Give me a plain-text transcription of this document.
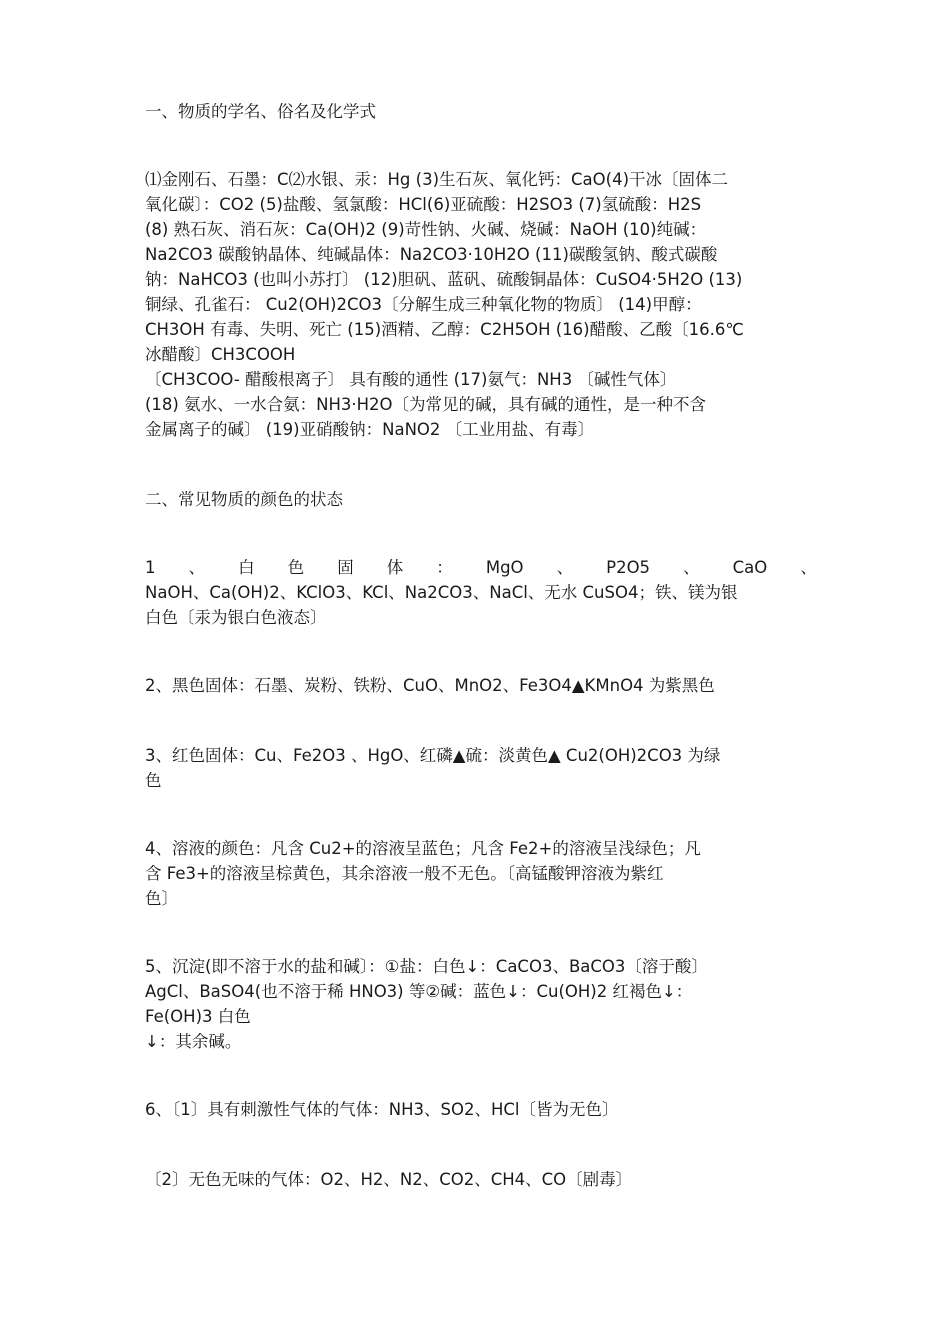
一、物质的学名、俗名及化学式
⑴金刚石、石墨：C⑵水银、汞：Hg (3)生石灰、氧化钙：CaO(4)干冰〔固体二
氧化碳〕：CO2 (5)盐酸、氢氯酸：HCl(6)亚硫酸：H2SO3 (7)氢硫酸：H2S
(8) 熟石灰、消石灰：Ca(OH)2 (9)苛性钠、火碱、烧碱：NaOH (10)纯碱：
Na2CO3 碳酸钠晶体、纯碱晶体：Na2CO3·10H2O (11)碳酸氢钠、酸式碳酸
钠：NaHCO3 (也叫小苏打〕 (12)胆矾、蓝矾、硫酸铜晶体：CuSO4·5H2O (13)
铜绿、孔雀石： Cu2(OH)2CO3〔分解生成三种氧化物的物质〕 (14)甲醇：
CH3OH 有毒、失明、死亡 (15)酒精、乙醇：C2H5OH (16)醋酸、乙酸〔16.6℃
冰醋酸〕CH3COOH
〔CH3COO- 醋酸根离子〕 具有酸的通性 (17)氨气：NH3 〔碱性气体〕
(18) 氨水、一水合氨：NH3·H2O〔为常见的碱，具有碱的通性，是一种不含
金属离子的碱〕 (19)亚硝酸钠：NaNO2 〔工业用盐、有毒〕
二、常见物质的颜色的状态
1 、 白 色 固 体 ： MgO 、 P2O5 、 CaO 、
NaOH、Ca(OH)2、KClO3、KCl、Na2CO3、NaCl、无水 CuSO4；铁、镁为银
白色〔汞为银白色液态〕
2、黑色固体：石墨、炭粉、铁粉、CuO、MnO2、Fe3O4▲KMnO4 为紫黑色
3、红色固体：Cu、Fe2O3 、HgO、红磷▲硫：淡黄色▲ Cu2(OH)2CO3 为绿
色
4、溶液的颜色：凡含 Cu2+的溶液呈蓝色；凡含 Fe2+的溶液呈浅绿色；凡
含 Fe3+的溶液呈棕黄色，其余溶液一般不无色。〔高锰酸钾溶液为紫红
色〕
5、沉淀(即不溶于水的盐和碱〕：①盐：白色↓：CaCO3、BaCO3〔溶于酸〕
AgCl、BaSO4(也不溶于稀 HNO3) 等②碱：蓝色↓：Cu(OH)2 红褐色↓：
Fe(OH)3 白色
↓：其余碱。
6、〔1〕具有刺激性气体的气体：NH3、SO2、HCl〔皆为无色〕
〔2〕无色无味的气体：O2、H2、N2、CO2、CH4、CO〔剧毒〕
